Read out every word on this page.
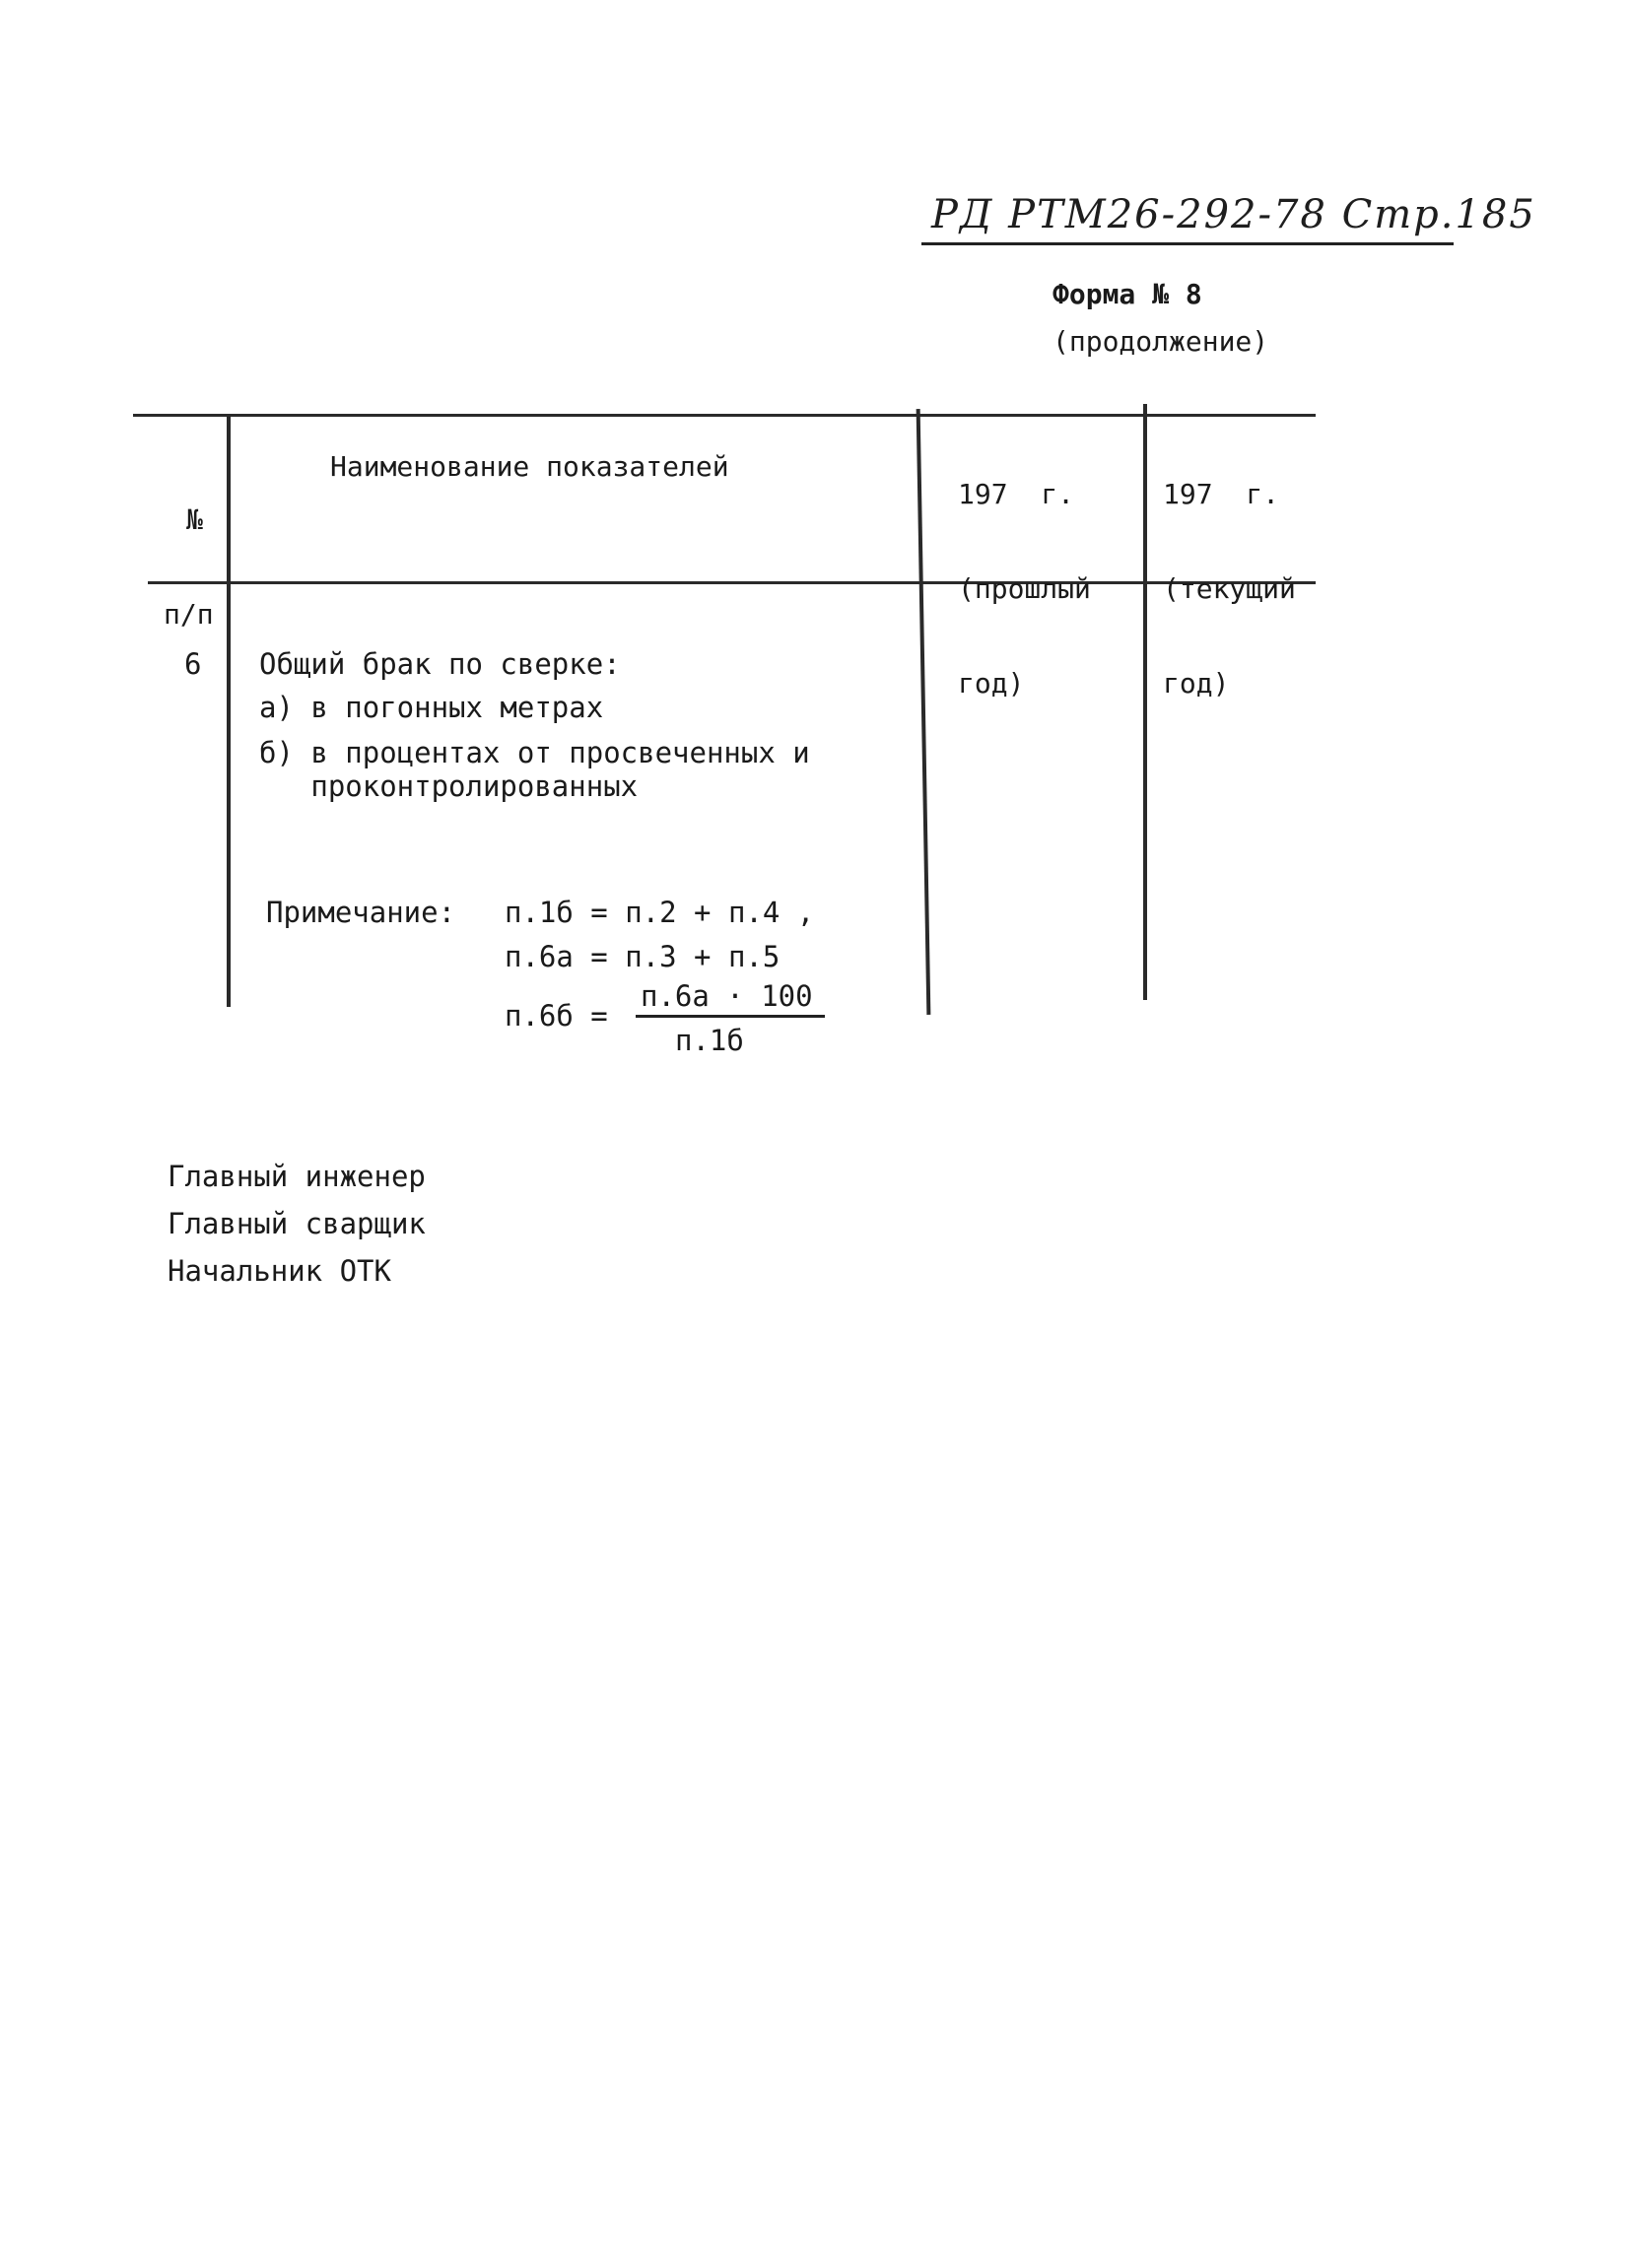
РД РТМ26-292-78 Стр.185
Форма № 8
(продолжение)

№

п/п

Наименование показателей

197  г.

(прошлый

год)

197  г.

(текущий

год)

6 Общий брак по сверке:
а) в погонных метрах
б) в процентах от просвеченных и
проконтролированных
Примечание: п.1б = п.2 + п.4 ,
п.6а = п.3 + п.5
п.6б =
п.6а · 100
п.1б
Главный инженер
Главный сварщик
Начальник ОТК
